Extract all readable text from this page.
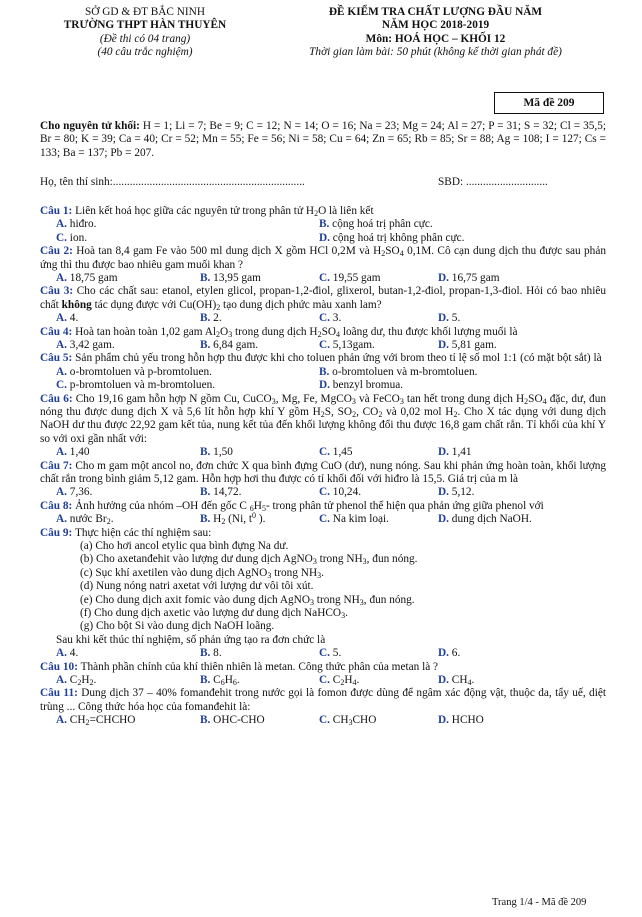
SỞ GD & ĐT BẮC NINH
TRƯỜNG THPT HÀN THUYÊN
(Đề thi có 04 trang)
(40 câu trắc nghiệm)
ĐỀ KIỂM TRA CHẤT LƯỢNG ĐẦU NĂM
NĂM HỌC 2018-2019
Môn: HOÁ HỌC – KHỐI 12
Thời gian làm bài: 50 phút (không kể thời gian phát đề)
Mã đề 209
Cho nguyên tử khối: H = 1; Li = 7; Be = 9; C = 12; N = 14; O = 16; Na = 23; Mg = 24; Al = 27; P = 31; S = 32; Cl = 35,5; Br = 80; K = 39; Ca = 40; Cr = 52; Mn = 55; Fe = 56; Ni = 58; Cu = 64; Zn = 65; Rb = 85; Sr = 88; Ag = 108; I = 127; Cs = 133; Ba = 137; Pb = 207.
Họ, tên thí sinh:....................................................................	SBD: .............................
Câu 1: Liên kết hoá học giữa các nguyên tử trong phân tử $H_2O$ là liên kết
A. hiđro.	B. cộng hoá trị phân cực.
C. ion.	D. cộng hoá trị không phân cực.
Câu 2: Hoà tan 8,4 gam Fe vào 500 ml dung dịch X gồm HCl 0,2M và $H_2SO_4$ 0,1M. Cô cạn dung dịch thu được sau phản ứng thì thu được bao nhiêu gam muối khan ?
A. 18,75 gam	B. 13,95 gam	C. 19,55 gam	D. 16,75 gam
Câu 3: Cho các chất sau: etanol, etylen glicol, propan-1,2-điol, glixerol, butan-1,2-điol, propan-1,3-điol. Hỏi có bao nhiêu chất không tác dụng được với $Cu(OH)_2$ tạo dung dịch phức màu xanh lam?
A. 4.	B. 2.	C. 3.	D. 5.
Câu 4: Hoà tan hoàn toàn 1,02 gam $Al_2O_3$ trong dung dịch $H_2SO_4$ loãng dư, thu được khối lượng muối là
A. 3,42 gam.	B. 6,84 gam.	C. 5,13gam.	D. 5,81 gam.
Câu 5: Sản phẩm chủ yếu trong hỗn hợp thu được khi cho toluen phản ứng với brom theo tỉ lệ số mol 1:1 (có mặt bột sắt) là
A. o-bromtoluen và p-bromtoluen.	B. o-bromtoluen và m-bromtoluen.
C. p-bromtoluen và m-bromtoluen.	D. benzyl bromua.
Câu 6: Cho 19,16 gam hỗn hợp N gồm Cu, CuCO$_3$, Mg, Fe, MgCO$_3$ và FeCO$_3$ tan hết trong dung dịch $H_2SO_4$ đặc, dư, đun nóng thu được dung dịch X và 5,6 lít hỗn hợp khí Y gồm $H_2S$, $SO_2$, $CO_2$ và 0,02 mol $H_2$. Cho X tác dụng với dung dịch NaOH dư thu được 22,92 gam kết tủa, nung kết tủa đến khối lượng không đổi thu được 16,8 gam chất rắn. Tỉ khối của khí Y so với oxi gần nhất với:
A. 1,40	B. 1,50	C. 1,45	D. 1,41
Câu 7: Cho m gam một ancol no, đơn chức X qua bình đựng CuO (dư), nung nóng. Sau khi phản ứng hoàn toàn, khối lượng chất rắn trong bình giảm 5,12 gam. Hỗn hợp hơi thu được có tỉ khối đối với hiđro là 15,5. Giá trị của m là
A. 7,36.	B. 14,72.	C. 10,24.	D. 5,12.
Câu 8: Ảnh hưởng của nhóm –OH đến gốc C $_6H_5-$ trong phân tử phenol thể hiện qua phản ứng giữa phenol với
A. nước $Br_2$.	B. $H_2$ (Ni, $t^0$ ).	C. Na kim loại.	D. dung dịch NaOH.
Câu 9: Thực hiện các thí nghiệm sau:
(a) Cho hơi ancol etylic qua bình đựng Na dư.
(b) Cho axetanđehit vào lượng dư dung dịch AgNO$_3$ trong $NH_3$, đun nóng.
(c) Sục khí axetilen vào dung dịch AgNO$_3$ trong $NH_3$.
(d) Nung nóng natri axetat với lượng dư vôi tôi xút.
(e) Cho dung dịch axit fomic vào dung dịch AgNO$_3$ trong $NH_3$, đun nóng.
(f) Cho dung dịch axetic vào lượng dư dung dịch NaHCO$_3$.
(g) Cho bột Si vào dung dịch NaOH loãng.
Sau khi kết thúc thí nghiệm, số phản ứng tạo ra đơn chức là
A. 4.	B. 8.	C. 5.	D. 6.
Câu 10: Thành phần chính của khí thiên nhiên là metan. Công thức phân của metan là ?
A. $C_2H_2$.	B. $C_6H_6$.	C. $C_2H_4$.	D. $CH_4$.
Câu 11: Dung dịch 37 – 40% fomanđehit trong nước gọi là fomon được dùng để ngâm xác động vật, thuộc da, tẩy uế, diệt trùng ... Công thức hóa học của fomanđehit là:
A. $CH_2=CHCHO$	B. OHC-CHO	C. $CH_3CHO$	D. HCHO
Trang 1/4 - Mã đề 209
